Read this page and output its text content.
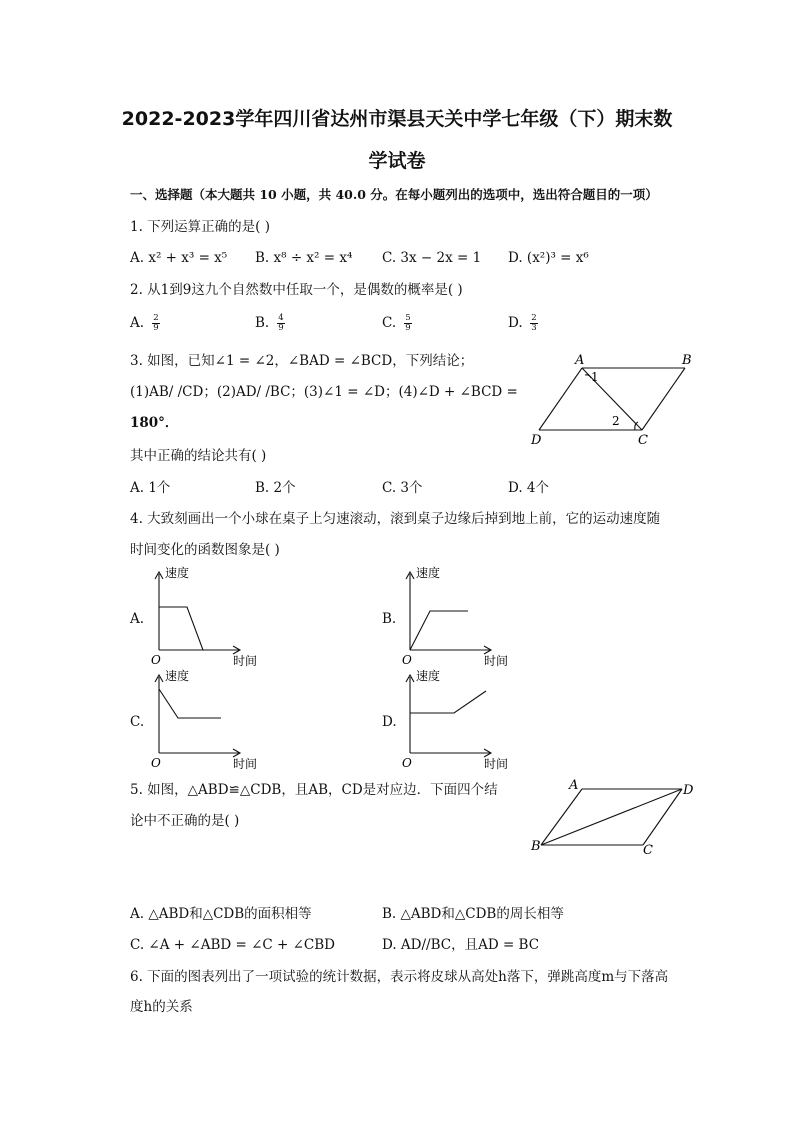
2022-2023学年四川省达州市渠县天关中学七年级（下）期末数
学试卷
一、选择题（本大题共 10 小题，共 40.0 分。在每小题列出的选项中，选出符合题目的一项）
1. 下列运算正确的是( )
A. x² + x³ = x⁵ B. x⁸ ÷ x² = x⁴ C. 3x − 2x = 1 D. (x²)³ = x⁶
2. 从1到9这九个自然数中任取一个，是偶数的概率是( )
A. $\frac{2}{9}$	B. $\frac{4}{9}$	C. $\frac{5}{9}$	D. $\frac{2}{3}$
3. 如图，已知∠1 = ∠2，∠BAD = ∠BCD，下列结论；
(1)AB/ /CD；(2)AD/ /BC；(3)∠1 = ∠D；(4)∠D + ∠BCD =
180°．
其中正确的结论共有( )
A. 1个	B. 2个	C. 3个	D. 4个
A	B
C
D
1
2
4. 大致刻画出一个小球在桌子上匀速滚动，滚到桌子边缘后掉到地上前，它的运动速度随
时间变化的函数图象是( )
A.
速度
时间
O
B.
速度
时间
O
C.
速度
时间
O
D.
速度
时间
O
5. 如图，△ABD≌△CDB，且AB，CD是对应边．下面四个结
论中不正确的是( )
A	D
B	C
A. △ABD和△CDB的面积相等	B. △ABD和△CDB的周长相等
C. ∠A + ∠ABD = ∠C + ∠CBD	D. AD//BC，且AD = BC
6. 下面的图表列出了一项试验的统计数据，表示将皮球从高处h落下，弹跳高度m与下落高
度h的关系
